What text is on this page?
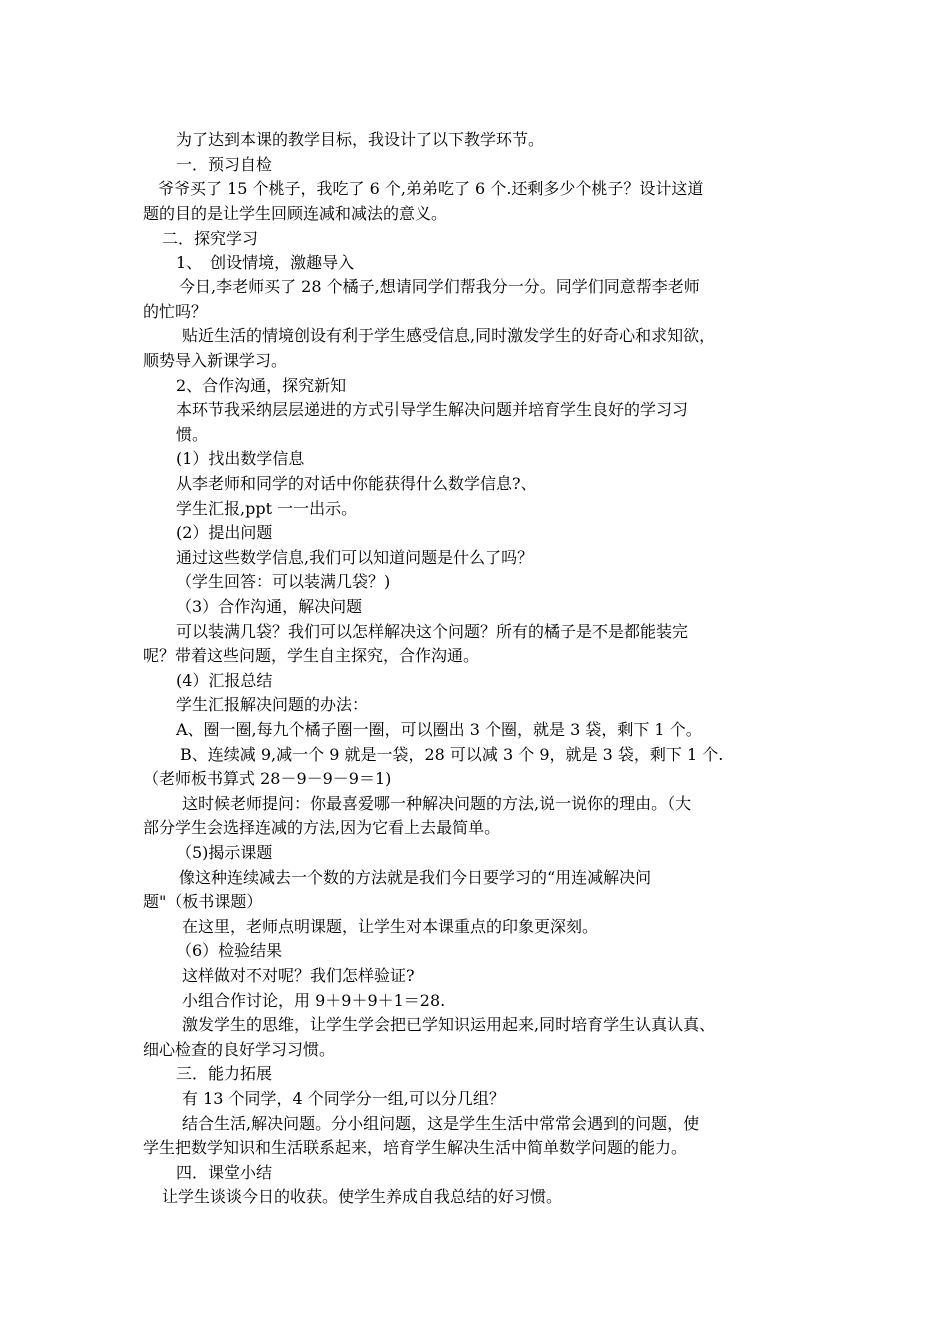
为了达到本课的教学目标，我设计了以下教学环节。
一．预习自检
爷爷买了 15 个桃子，我吃了 6 个,弟弟吃了 6 个.还剩多少个桃子？设计这道
题的目的是让学生回顾连减和减法的意义。
二．探究学习
1、　创设情境，激趣导入
今日,李老师买了 28 个橘子,想请同学们帮我分一分。同学们同意帮李老师
的忙吗？
贴近生活的情境创设有利于学生感受信息,同时激发学生的好奇心和求知欲，
顺势导入新课学习。
2、合作沟通，探究新知
本环节我采纳层层递进的方式引导学生解决问题并培育学生良好的学习习
惯。
(1）找出数学信息
从李老师和同学的对话中你能获得什么数学信息?、
学生汇报,ppt 一一出示。
(2）提出问题
通过这些数学信息,我们可以知道问题是什么了吗？
（学生回答：可以装满几袋？)
（3）合作沟通，解决问题
可以装满几袋？我们可以怎样解决这个问题？所有的橘子是不是都能装完
呢？带着这些问题，学生自主探究，合作沟通。
(4）汇报总结
学生汇报解决问题的办法：
A、圈一圈,每九个橘子圈一圈，可以圈出 3 个圈，就是 3 袋，剩下 1 个。
B、连续减 9,减一个 9 就是一袋，28 可以减 3 个 9，就是 3 袋，剩下 1 个.
（老师板书算式 28－9－9－9＝1)
这时候老师提问：你最喜爱哪一种解决问题的方法,说一说你的理由。（大
部分学生会选择连减的方法,因为它看上去最简单。
（5)揭示课题
像这种连续减去一个数的方法就是我们今日要学习的“用连减解决问
题"（板书课题）
在这里，老师点明课题，让学生对本课重点的印象更深刻。
（6）检验结果
这样做对不对呢？我们怎样验证?
小组合作讨论，用 9＋9＋9＋1＝28.
激发学生的思维，让学生学会把已学知识运用起来,同时培育学生认真认真、
细心检查的良好学习习惯。
三．能力拓展
有 13 个同学，4 个同学分一组,可以分几组？
结合生活,解决问题。分小组问题，这是学生生活中常常会遇到的问题，使
学生把数学知识和生活联系起来，培育学生解决生活中简单数学问题的能力。
四．课堂小结
让学生谈谈今日的收获。使学生养成自我总结的好习惯。
